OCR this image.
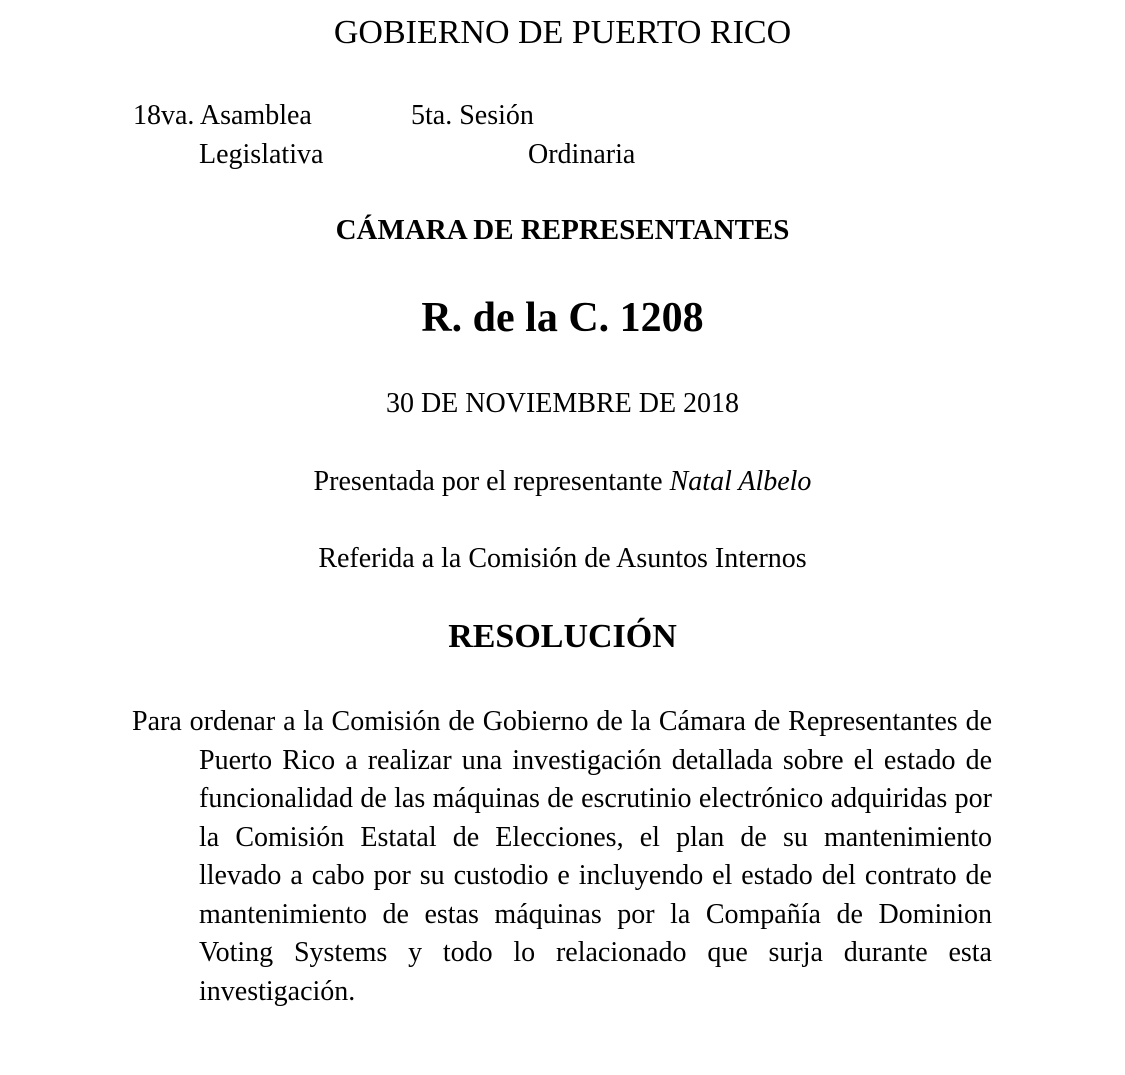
GOBIERNO DE PUERTO RICO
18va. Asamblea
Legislativa
5ta. Sesión
Ordinaria
CÁMARA DE REPRESENTANTES
R. de la C. 1208
30 DE NOVIEMBRE DE 2018
Presentada por el representante Natal Albelo
Referida a la Comisión de Asuntos Internos
RESOLUCIÓN
Para ordenar a la Comisión de Gobierno de la Cámara de Representantes de Puerto Rico a realizar una investigación detallada sobre el estado de funcionalidad de las máquinas de escrutinio electrónico adquiridas por la Comisión Estatal de Elecciones, el plan de su mantenimiento llevado a cabo por su custodio e incluyendo el estado del contrato de mantenimiento de estas máquinas por la Compañía de Dominion Voting Systems y todo lo relacionado que surja durante esta investigación.
